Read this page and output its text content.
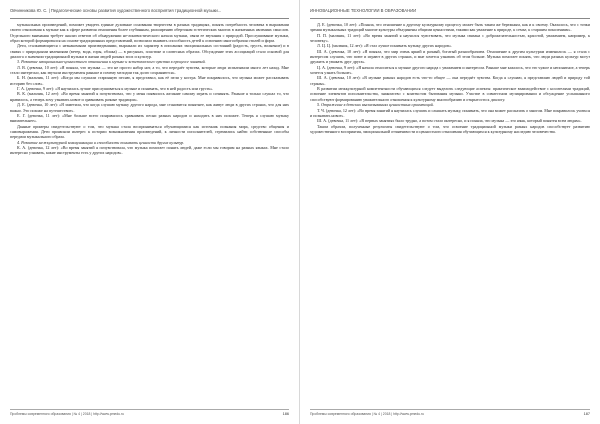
Овчинникова Ю. С. | Педагогические основы развития художественного восприятия традиционной музыки...

музыкальных произведений, поможет увидеть единые духовные основания творчества в разных традициях, понять потребность человека в выражении своего отношения к музыке как к сфере развития отношения более глубинным, расширению обертонам эстетических многих в жизненных явлениях смыслов. Отдельного внимания требует анализ ответов об обнаружении не-лингвистического начала музыки, связи ее звучания с природой. Прослушивание музыки, образ которой формировался на основе традиционных представлений, позволило выявить способность детей к освоению многообразия стилей и форм.

Дети, сталкивающиеся с незнакомыми произведениями, выражали их характер в описаниях эмоциональных состояний (радость, грусть, волнение) и в связях с природными явлениями (ветер, вода, горы, облака) — в рисунках, пластике и словесных образах. Обсуждение этих ассоциаций стало основой для диалога о значении традиционной музыки в жизни людей разных эпох и культур.

3. Развитие эмоционально-ценностного отношения к музыке и эстетического чувства в процессе занятий.

Л. В. (девочка, 10 лет): «Я поняла, что музыка — это не просто набор нот, а то, что передаёт чувства, которые люди испытывали много лет назад. Мне стало интересно, как звучали инструменты раньше и почему мелодии так долго сохраняются».

Б. Н. (мальчик, 11 лет): «Когда мы слушали старинную песню, я представил, как её пели у костра. Мне понравилось, что музыка может рассказывать историю без слов».

Г. А. (девочка, 9 лет): «Я научилась лучше прислушиваться к музыке и понимать, что в ней радость или грусть».

В. К. (мальчик, 12 лет): «Во время занятий я почувствовал, что у меня появилось желание самому играть и сочинять. Раньше я только слушал то, что нравилось, а теперь хочу узнавать новое и сравнивать разные традиции».

Д. Е. (девочка, 10 лет): «Я заметила, что когда слушаю музыку другого народа, мне становится понятнее, как живут люди в других странах, что для них важно. Это похоже на путешествие».

Е. Г. (девочка, 11 лет): «Мне больше всего понравилось сравнивать песни разных народов и находить в них похожее. Теперь я слушаю музыку внимательнее».

Данные примеры свидетельствуют о том, что музыка стала восприниматься обучающимися как источник познания мира, средство общения и самовыражения. Дети проявляли интерес к истории возникновения произведений, к личности исполнителей, стремились найти собственные способы передачи музыкального образа.

4. Развитие межкультурной коммуникации и способности понимать ценности других культур.

К. А. (девочка, 12 лет): «Во время занятий я почувствовала, что музыка помогает понять людей, даже если мы говорим на разных языках. Мне стало интересно узнавать, какие инструменты есть у других народов».

Проблемы современного образования | № 4 | 2018 | http://www.pmedu.ru	186
ИННОВАЦИОННЫЕ ТЕХНОЛОГИИ В ОБРАЗОВАНИИ

Д. Е. (девочка, 10 лет): «Поняла, что отношение к другому культурному процессу может быть таким же бережным, как и к своему. Оказалось, что с точки зрения музыкальных традиций многие культуры объединены общими ценностями, такими как уважение к природе, к семье, к старшим поколениям».

П. П. (мальчик, 11 лет): «Во время занятий я научился чувствовать, что музыка связана с доброжелательностью, красотой, уважением, например, к человеку».

Л. Ц. Ц. (мальчик, 12 лет): «Я стал лучше понимать музыку других народов».

Ш. А. (девочка, 10 лет): «Я поняла, что мир очень яркий и разный, богатый разнообразием. Отношение к другим культурам изменилось — я стала с интересом слушать, что поют и играют в других странах, и мне хочется узнавать об этом больше. Музыка помогает понять, что люди разных культур могут дружить и уважать друг друга».

Ц. А. (девочка, 9 лет): «Я начала относиться к музыке другого народа с уважением и интересом. Раньше мне казалось, что это чужое и непонятное, а теперь хочется узнать больше».

Ш. А. (девочка, 10 лет): «В музыке разных народов есть что-то общее — она передаёт чувства. Когда я слушаю, я представляю людей и природу той страны».

В развитии межкультурной компетентности обучающихся следует выделить следующие аспекты: практическое взаимодействие с носителями традиций, освоение элементов исполнительства, знакомство с контекстом бытования музыки. Участие в совместном музицировании и обсуждение услышанного способствуют формированию уважительного отношения к культурному многообразию и открытости к диалогу.

5. Отражение в детских высказываниях ценностных ориентаций.

Т. Ч. (девочка, 12 лет): «Во время занятий я научилась слушать и слышать музыку, понимать, что она может рассказать о многом. Мне понравилось учиться и познавать новое».

Ш. А. (девочка, 11 лет): «В первых занятиях было трудно, а потом стало интересно, и я поняла, что музыка — это язык, который понятен всем людям».

Таким образом, полученные результаты свидетельствуют о том, что освоение традиционной музыки разных народов способствует развитию художественного восприятия, эмоциональной отзывчивости и ценностного отношения обучающихся к культурному наследию человечества.

Проблемы современного образования | № 4 | 2018 | http://www.pmedu.ru	187
